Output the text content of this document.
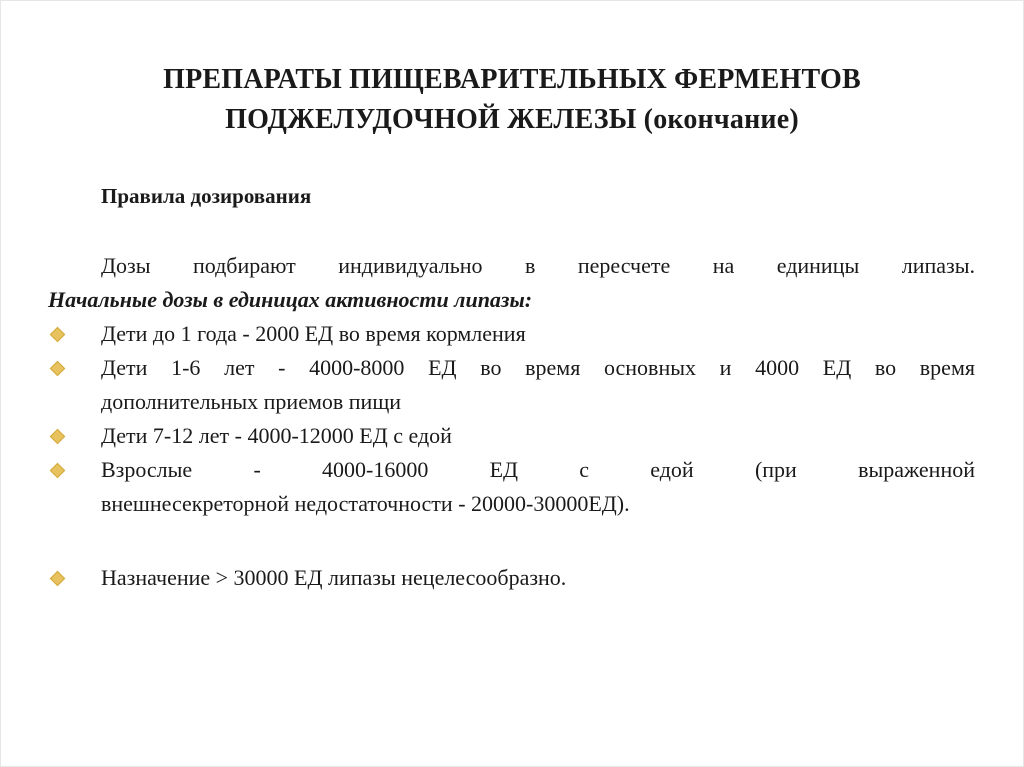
ПРЕПАРАТЫ ПИЩЕВАРИТЕЛЬНЫХ ФЕРМЕНТОВ
ПОДЖЕЛУДОЧНОЙ ЖЕЛЕЗЫ (окончание)
Правила дозирования

Дозы подбирают индивидуально в пересчете на единицы липазы.

Начальные дозы в единицах активности липазы:

Дети до 1 года - 2000 ЕД во время кормления
Дети 1-6 лет - 4000-8000 ЕД во время основных и 4000 ЕД во время
дополнительных приемов пищи
Дети 7-12 лет - 4000-12000 ЕД с едой
Взрослые - 4000-16000 ЕД с едой (при выраженной
внешнесекреторной недостаточности - 20000-30000ЕД).
Назначение > 30000 ЕД липазы нецелесообразно.
